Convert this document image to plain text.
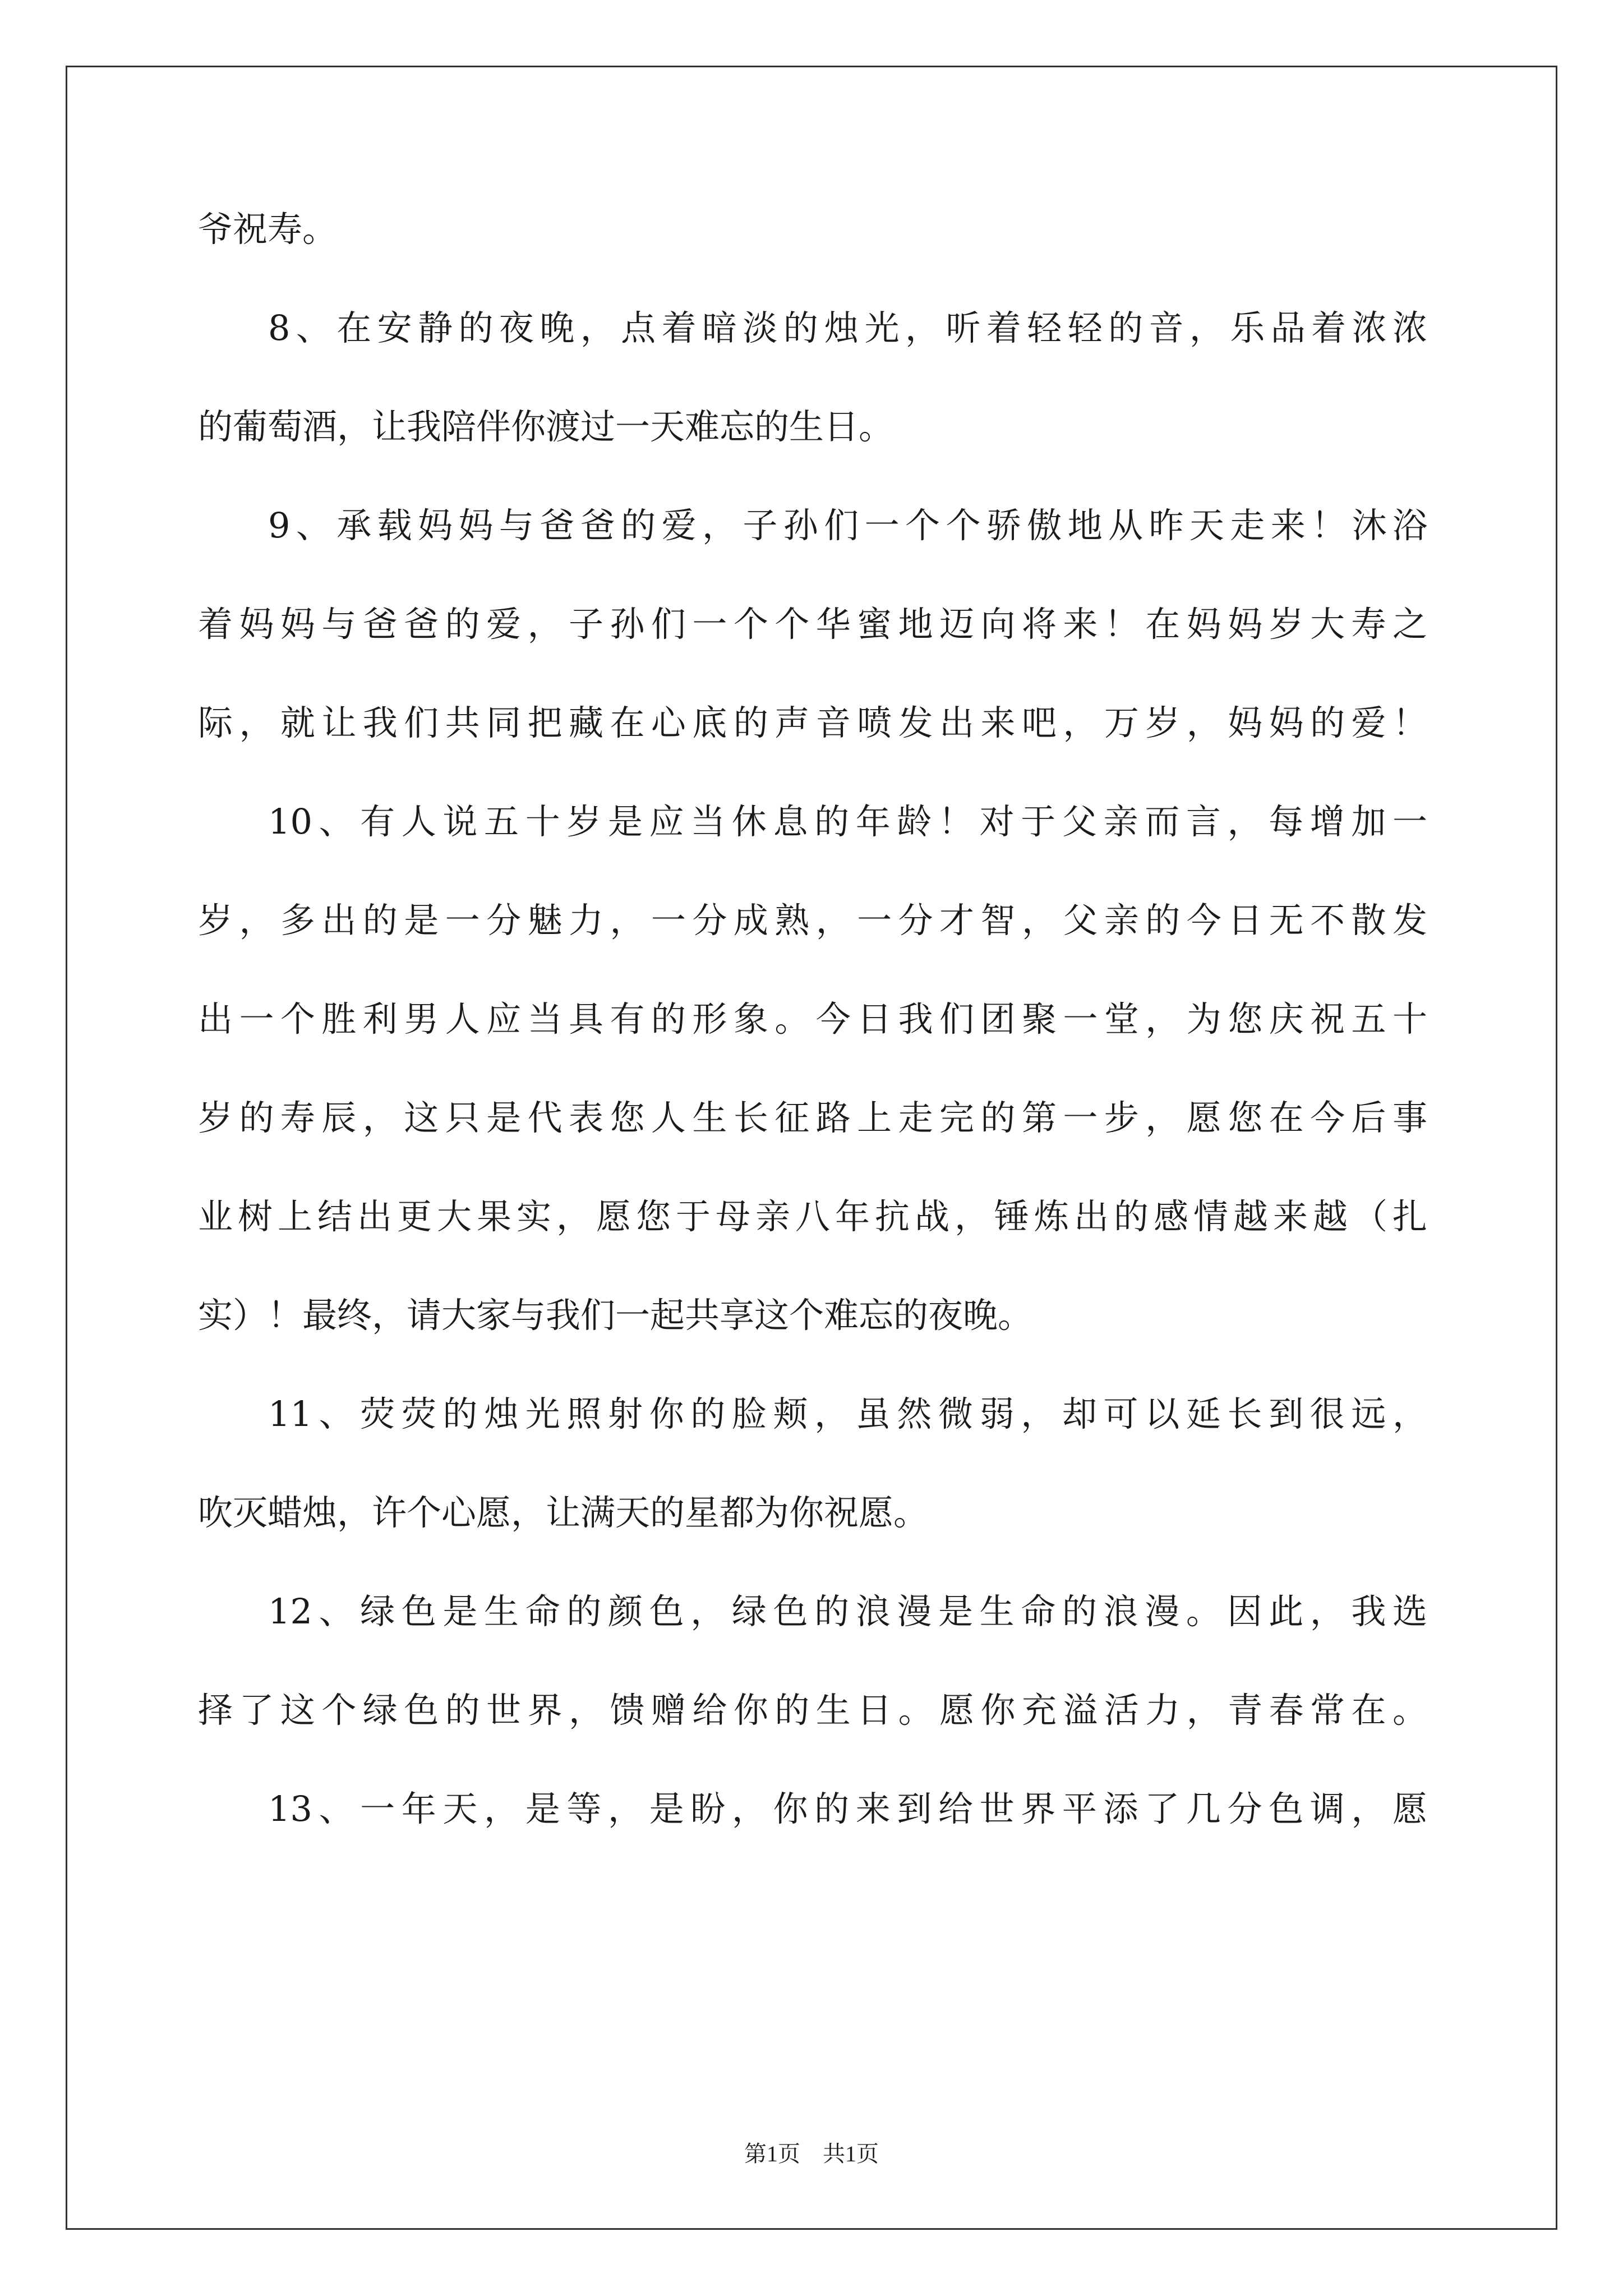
爷祝寿。
8、在安静的夜晚，点着暗淡的烛光，听着轻轻的音，乐品着浓浓
的葡萄酒，让我陪伴你渡过一天难忘的生日。
9、承载妈妈与爸爸的爱，子孙们一个个骄傲地从昨天走来！沐浴
着妈妈与爸爸的爱，子孙们一个个华蜜地迈向将来！在妈妈岁大寿之
际，就让我们共同把藏在心底的声音喷发出来吧，万岁，妈妈的爱！
10、有人说五十岁是应当休息的年龄！对于父亲而言，每增加一
岁，多出的是一分魅力，一分成熟，一分才智，父亲的今日无不散发
出一个胜利男人应当具有的形象。今日我们团聚一堂，为您庆祝五十
岁的寿辰，这只是代表您人生长征路上走完的第一步，愿您在今后事
业树上结出更大果实，愿您于母亲八年抗战，锤炼出的感情越来越（扎
实）！最终，请大家与我们一起共享这个难忘的夜晚。
11、荧荧的烛光照射你的脸颊，虽然微弱，却可以延长到很远，
吹灭蜡烛，许个心愿，让满天的星都为你祝愿。
12、绿色是生命的颜色，绿色的浪漫是生命的浪漫。因此，我选
择了这个绿色的世界，馈赠给你的生日。愿你充溢活力，青春常在。
13、一年天，是等，是盼，你的来到给世界平添了几分色调，愿
第1页　共1页
